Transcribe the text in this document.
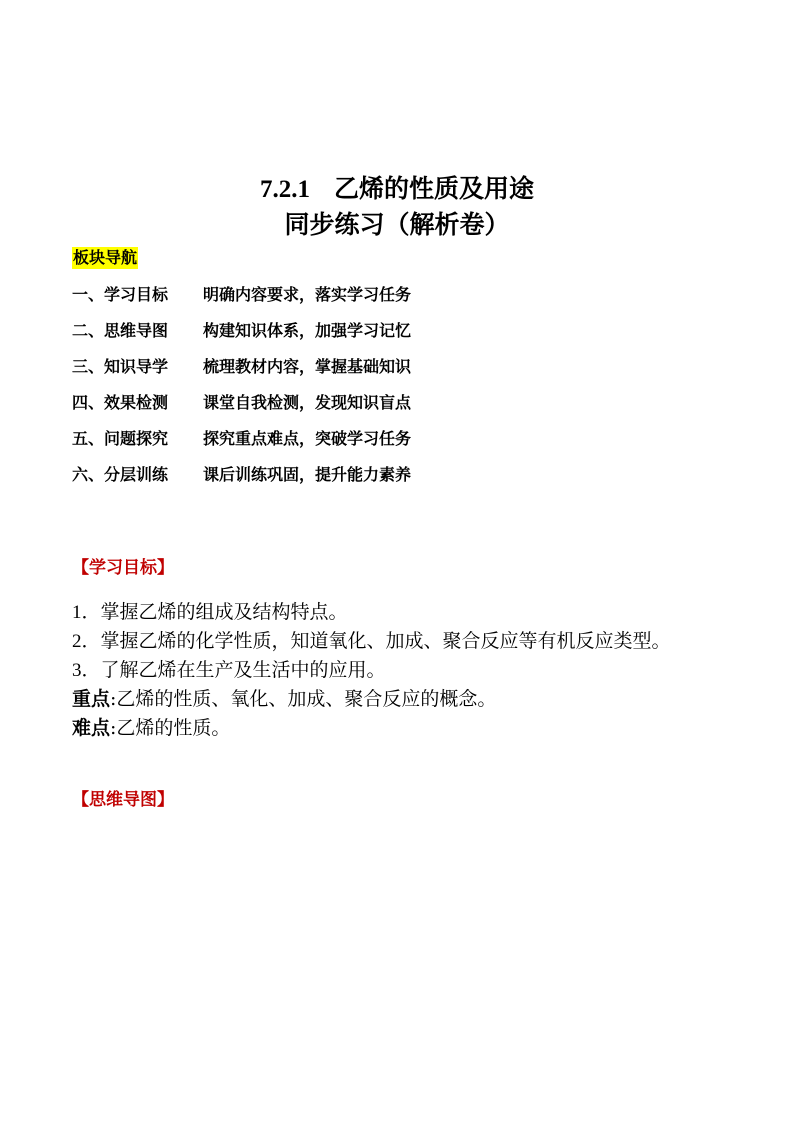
7.2.1 乙烯的性质及用途
同步练习（解析卷）
板块导航
一、学习目标 明确内容要求，落实学习任务
二、思维导图 构建知识体系，加强学习记忆
三、知识导学 梳理教材内容，掌握基础知识
四、效果检测 课堂自我检测，发现知识盲点
五、问题探究 探究重点难点，突破学习任务
六、分层训练 课后训练巩固，提升能力素养
【学习目标】

1．掌握乙烯的组成及结构特点。

2．掌握乙烯的化学性质，知道氧化、加成、聚合反应等有机反应类型。

3．了解乙烯在生产及生活中的应用。

重点:乙烯的性质、氧化、加成、聚合反应的概念。

难点:乙烯的性质。

【思维导图】
